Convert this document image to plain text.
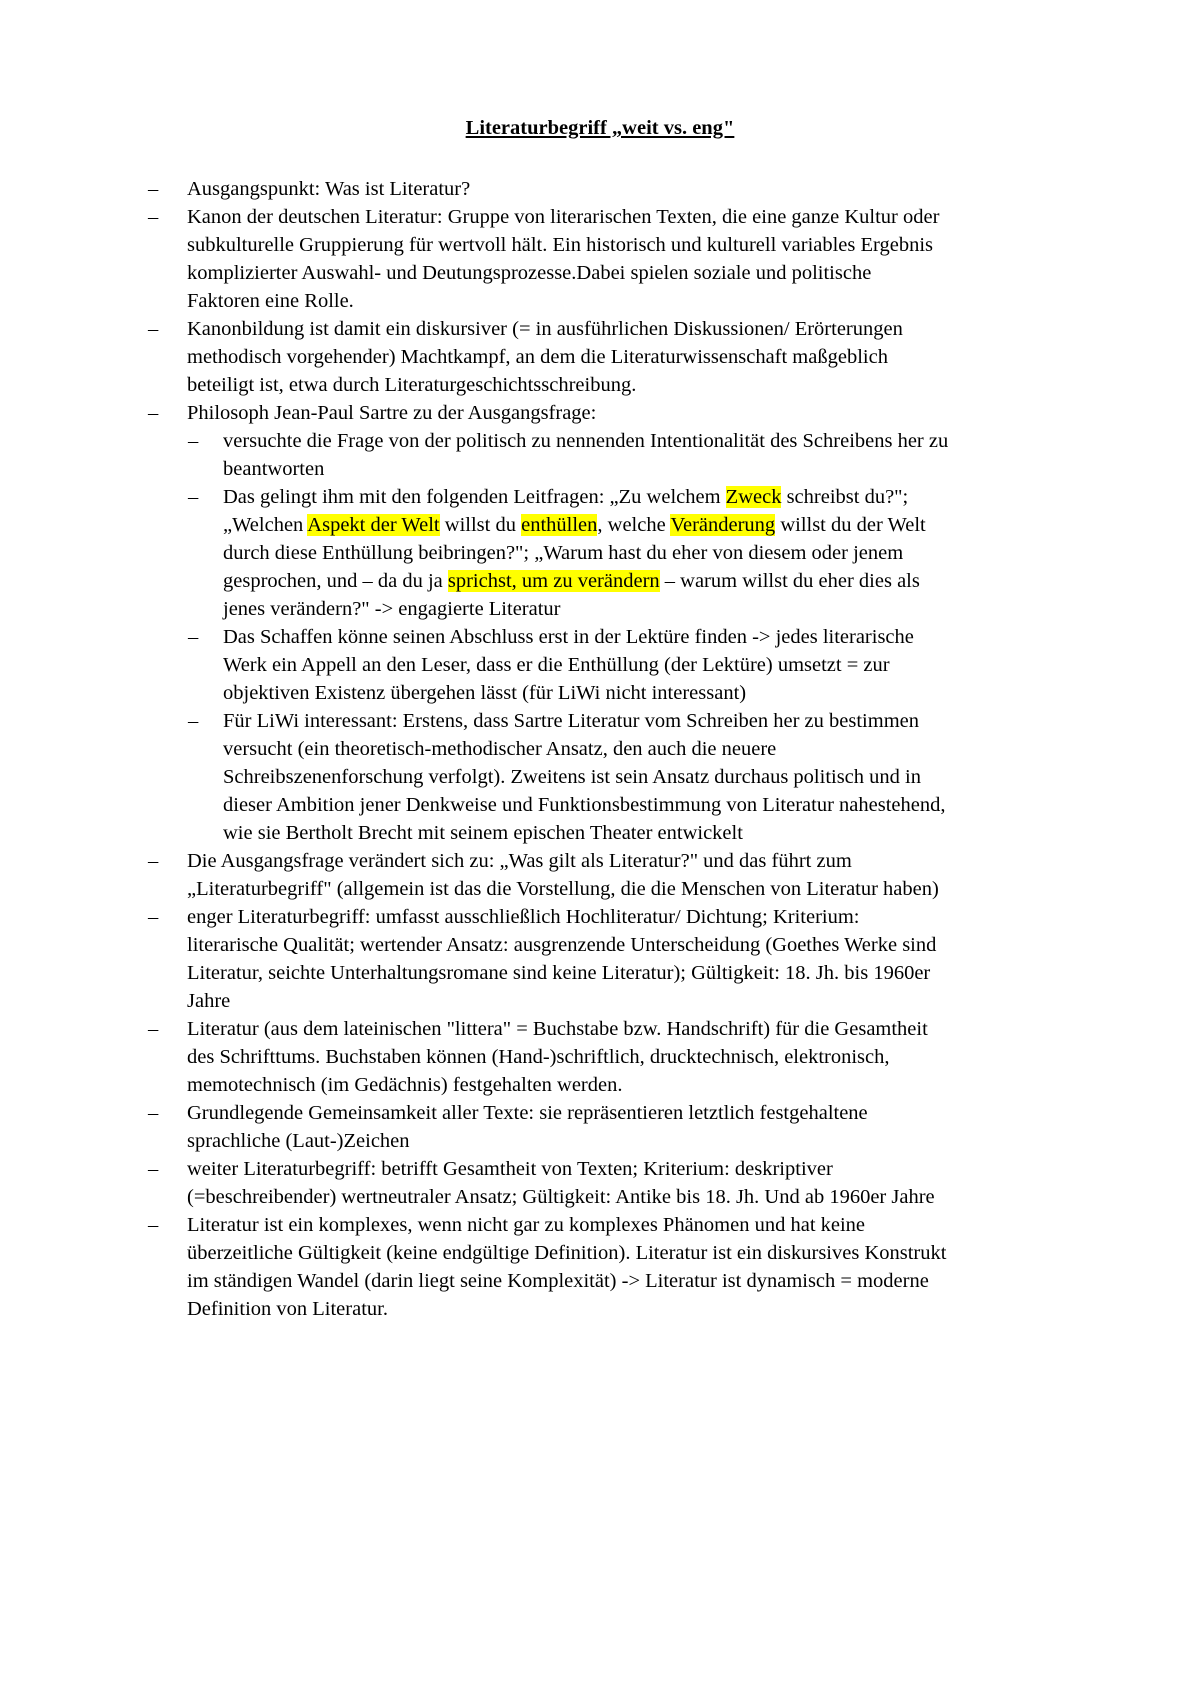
Literaturbegriff „weit vs. eng"
– Ausgangspunkt: Was ist Literatur?
– Kanon der deutschen Literatur: Gruppe von literarischen Texten, die eine ganze Kultur oder
subkulturelle Gruppierung für wertvoll hält. Ein historisch und kulturell variables Ergebnis
komplizierter Auswahl- und Deutungsprozesse.Dabei spielen soziale und politische
Faktoren eine Rolle.
– Kanonbildung ist damit ein diskursiver (= in ausführlichen Diskussionen/ Erörterungen
methodisch vorgehender) Machtkampf, an dem die Literaturwissenschaft maßgeblich
beteiligt ist, etwa durch Literaturgeschichtsschreibung.
– Philosoph Jean-Paul Sartre zu der Ausgangsfrage:
– versuchte die Frage von der politisch zu nennenden Intentionalität des Schreibens her zu
beantworten
– Das gelingt ihm mit den folgenden Leitfragen: „Zu welchem Zweck schreibst du?";
„Welchen Aspekt der Welt willst du enthüllen, welche Veränderung willst du der Welt
durch diese Enthüllung beibringen?"; „Warum hast du eher von diesem oder jenem
gesprochen, und – da du ja sprichst, um zu verändern – warum willst du eher dies als
jenes verändern?" -> engagierte Literatur
– Das Schaffen könne seinen Abschluss erst in der Lektüre finden -> jedes literarische
Werk ein Appell an den Leser, dass er die Enthüllung (der Lektüre) umsetzt = zur
objektiven Existenz übergehen lässt (für LiWi nicht interessant)
– Für LiWi interessant: Erstens, dass Sartre Literatur vom Schreiben her zu bestimmen
versucht (ein theoretisch-methodischer Ansatz, den auch die neuere
Schreibszenenforschung verfolgt). Zweitens ist sein Ansatz durchaus politisch und in
dieser Ambition jener Denkweise und Funktionsbestimmung von Literatur nahestehend,
wie sie Bertholt Brecht mit seinem epischen Theater entwickelt
– Die Ausgangsfrage verändert sich zu: „Was gilt als Literatur?" und das führt zum
„Literaturbegriff" (allgemein ist das die Vorstellung, die die Menschen von Literatur haben)
– enger Literaturbegriff: umfasst ausschließlich Hochliteratur/ Dichtung; Kriterium:
literarische Qualität; wertender Ansatz: ausgrenzende Unterscheidung (Goethes Werke sind
Literatur, seichte Unterhaltungsromane sind keine Literatur); Gültigkeit: 18. Jh. bis 1960er
Jahre
– Literatur (aus dem lateinischen "littera" = Buchstabe bzw. Handschrift) für die Gesamtheit
des Schrifttums. Buchstaben können (Hand-)schriftlich, drucktechnisch, elektronisch,
memotechnisch (im Gedächnis) festgehalten werden.
– Grundlegende Gemeinsamkeit aller Texte: sie repräsentieren letztlich festgehaltene
sprachliche (Laut-)Zeichen
– weiter Literaturbegriff: betrifft Gesamtheit von Texten; Kriterium: deskriptiver
(=beschreibender) wertneutraler Ansatz; Gültigkeit: Antike bis 18. Jh. Und ab 1960er Jahre
– Literatur ist ein komplexes, wenn nicht gar zu komplexes Phänomen und hat keine
überzeitliche Gültigkeit (keine endgültige Definition). Literatur ist ein diskursives Konstrukt
im ständigen Wandel (darin liegt seine Komplexität) -> Literatur ist dynamisch = moderne
Definition von Literatur.
